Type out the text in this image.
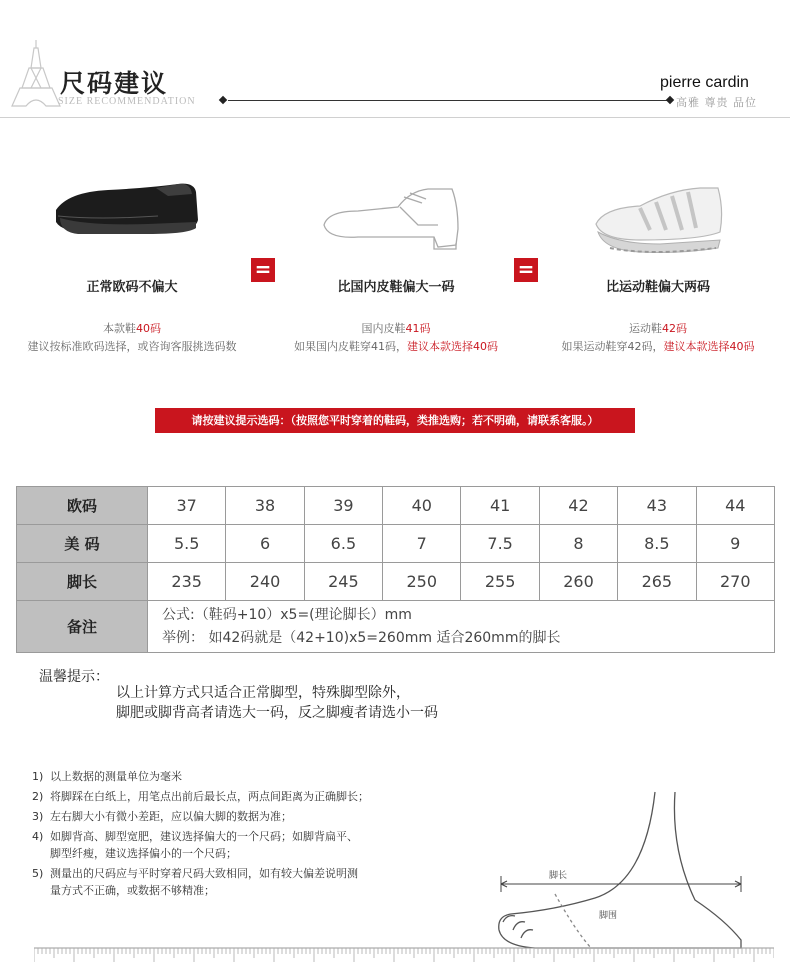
尺码建议
SIZE RECOMMENDATION
pierre cardin
高雅 尊贵 品位
正常欧码不偏大
本款鞋40码
建议按标准欧码选择，或咨询客服挑选码数
=
比国内皮鞋偏大一码
国内皮鞋41码
如果国内皮鞋穿41码，建议本款选择40码
=
比运动鞋偏大两码
运动鞋42码
如果运动鞋穿42码，建议本款选择40码
请按建议提示选码：（按照您平时穿着的鞋码，类推选购；若不明确，请联系客服。）
欧码	37	38	39	40	41	42	43	44
美 码	5.5	6	6.5	7	7.5	8	8.5	9
脚长	235	240	245	250	255	260	265	270
备注	公式:（鞋码+10）x5=(理论脚长）mm
举例： 如42码就是（42+10)x5=260mm 适合260mm的脚长							
温馨提示：
以上计算方式只适合正常脚型，特殊脚型除外，
脚肥或脚背高者请选大一码，反之脚瘦者请选小一码
1) 以上数据的测量单位为毫米
2) 将脚踩在白纸上，用笔点出前后最长点，两点间距离为正确脚长；
3) 左右脚大小有微小差距，应以偏大脚的数据为准；
4) 如脚背高、脚型宽肥，建议选择偏大的一个尺码；如脚背扁平、
脚型纤瘦，建议选择偏小的一个尺码；
5) 测量出的尺码应与平时穿着尺码大致相同，如有较大偏差说明测
量方式不正确，或数据不够精准；
脚长
脚围
